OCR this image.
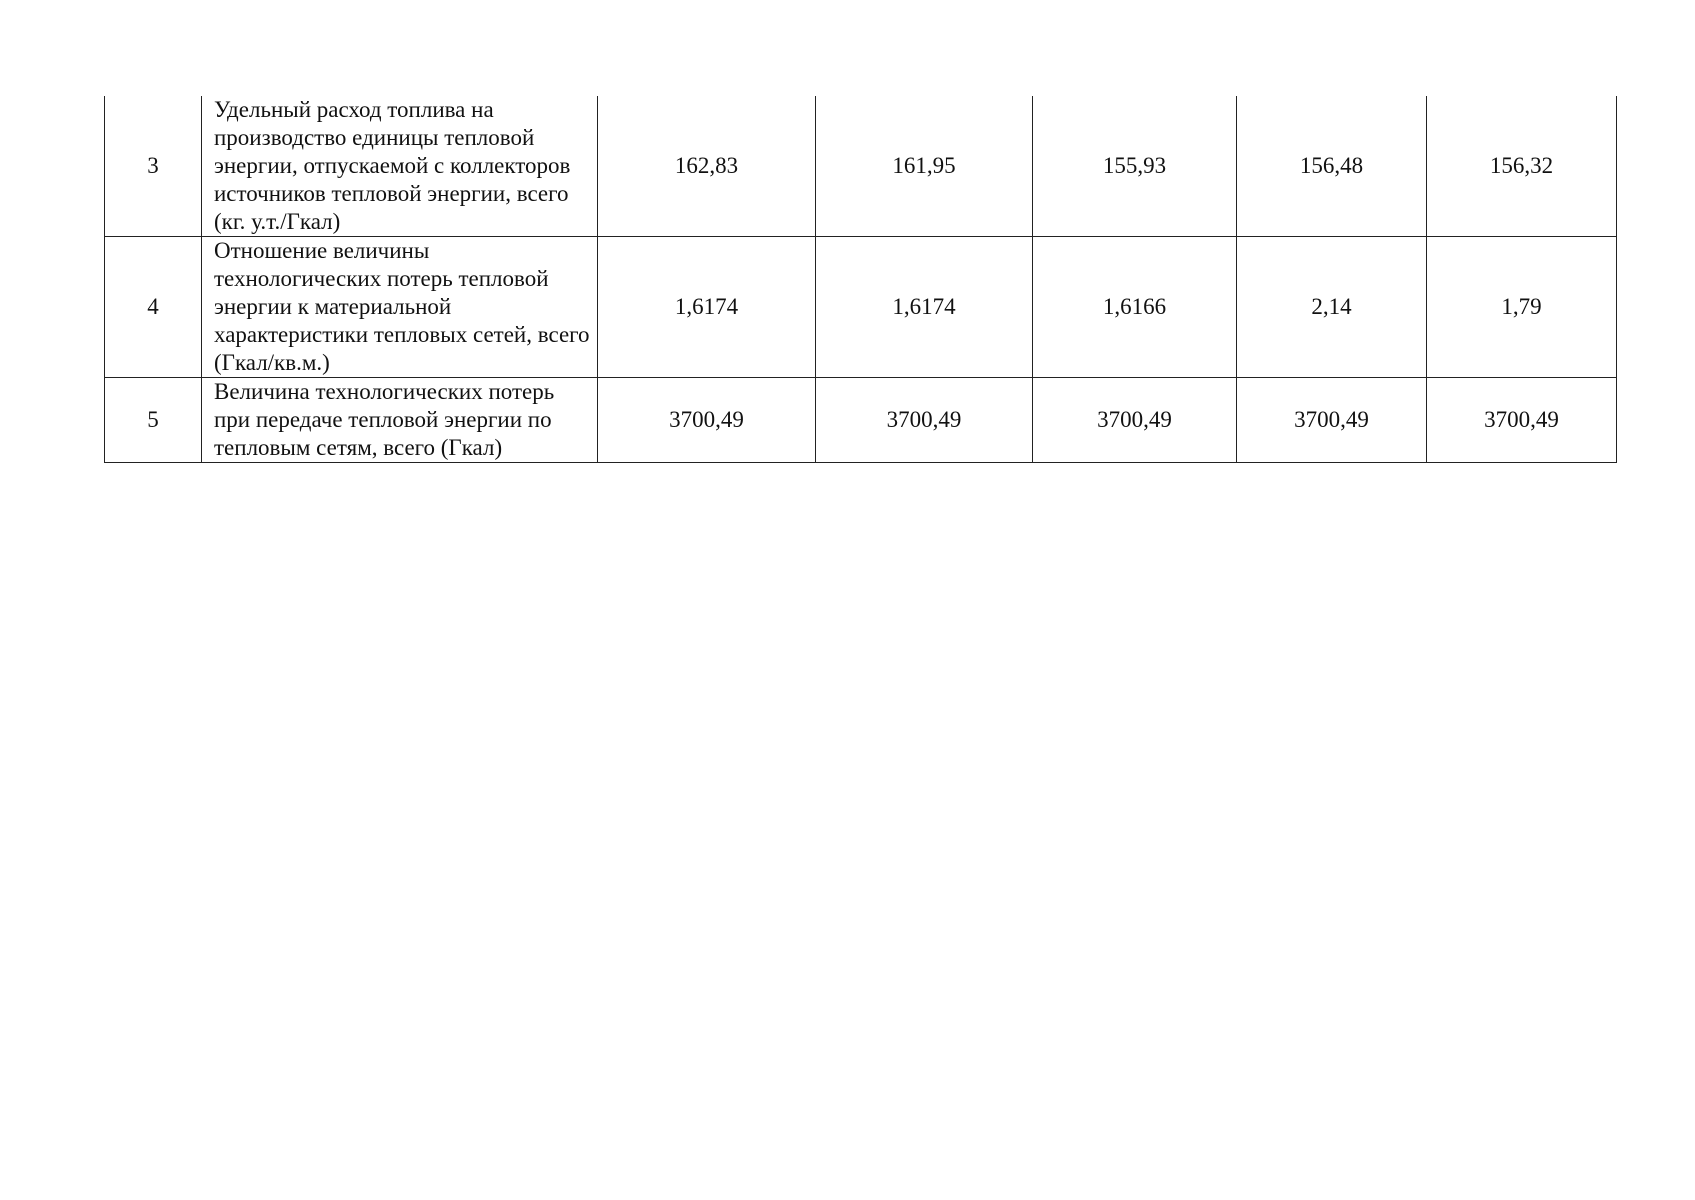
3	Удельный расход топлива на производство единицы тепловой энергии, отпускаемой с коллекторов источников тепловой энергии, всего (кг. у.т./Гкал)	162,83	161,95	155,93	156,48	156,32
4	Отношение величины технологических потерь тепловой энергии к материальной характеристики тепловых сетей, всего (Гкал/кв.м.)	1,6174	1,6174	1,6166	2,14	1,79
5	Величина технологических потерь при передаче тепловой энергии по тепловым сетям, всего (Гкал)	3700,49	3700,49	3700,49	3700,49	3700,49
